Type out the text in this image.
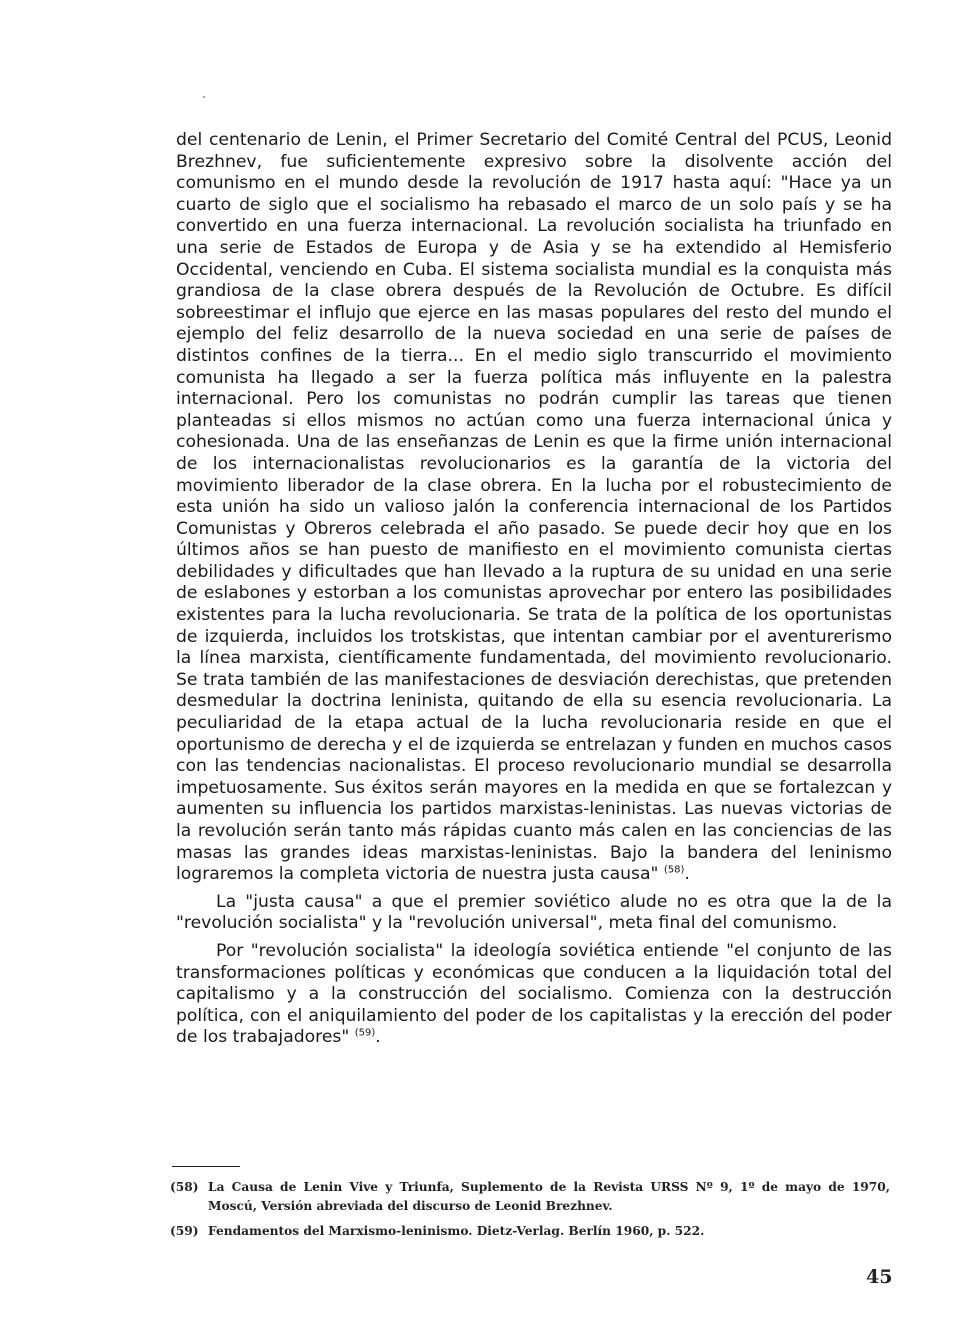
del centenario de Lenin, el Primer Secretario del Comité Central del PCUS, Leonid Brezhnev, fue suficientemente expresivo sobre la disolvente acción del comunismo en el mundo desde la revolución de 1917 hasta aquí: "Hace ya un cuarto de siglo que el socialismo ha rebasado el marco de un solo país y se ha convertido en una fuerza internacional. La revolución socialista ha triunfado en una serie de Estados de Europa y de Asia y se ha extendido al Hemisferio Occidental, venciendo en Cuba. El sistema socialista mundial es la conquista más grandiosa de la clase obrera después de la Revolución de Octubre. Es difícil sobreestimar el influjo que ejerce en las masas populares del resto del mundo el ejemplo del feliz desarrollo de la nueva sociedad en una serie de países de distintos confines de la tierra... En el medio siglo transcurrido el movimiento comunista ha llegado a ser la fuerza política más influyente en la palestra internacional. Pero los comunistas no podrán cumplir las tareas que tienen planteadas si ellos mismos no actúan como una fuerza internacional única y cohesionada. Una de las enseñanzas de Lenin es que la firme unión internacional de los internacionalistas revolucionarios es la garantía de la victoria del movimiento liberador de la clase obrera. En la lucha por el robustecimiento de esta unión ha sido un valioso jalón la conferencia internacional de los Partidos Comunistas y Obreros celebrada el año pasado. Se puede decir hoy que en los últimos años se han puesto de manifiesto en el movimiento comunista ciertas debilidades y dificultades que han llevado a la ruptura de su unidad en una serie de eslabones y estorban a los comunistas aprovechar por entero las posibilidades existentes para la lucha revolucionaria. Se trata de la política de los oportunistas de izquierda, incluidos los trotskistas, que intentan cambiar por el aventurerismo la línea marxista, científicamente fundamentada, del movimiento revolucionario. Se trata también de las manifestaciones de desviación derechistas, que pretenden desmedular la doctrina leninista, quitando de ella su esencia revolucionaria. La peculiaridad de la etapa actual de la lucha revolucionaria reside en que el oportunismo de derecha y el de izquierda se entrelazan y funden en muchos casos con las tendencias nacionalistas. El proceso revolucionario mundial se desarrolla impetuosamente. Sus éxitos serán mayores en la medida en que se fortalezcan y aumenten su influencia los partidos marxistas-leninistas. Las nuevas victorias de la revolución serán tanto más rápidas cuanto más calen en las conciencias de las masas las grandes ideas marxistas-leninistas. Bajo la bandera del leninismo lograremos la completa victoria de nuestra justa causa" $^{(58)}$.

La "justa causa" a que el premier soviético alude no es otra que la de la "revolución socialista" y la "revolución universal", meta final del comunismo.

Por "revolución socialista" la ideología soviética entiende "el conjunto de las transformaciones políticas y económicas que conducen a la liquidación total del capitalismo y a la construcción del socialismo. Comienza con la destrucción política, con el aniquilamiento del poder de los capitalistas y la erección del poder de los trabajadores" $^{(59)}$.

(58) La Causa de Lenin Vive y Triunfa, Suplemento de la Revista URSS Nº 9, 1º de mayo de 1970, Moscú, Versión abreviada del discurso de Leonid Brezhnev.
(59) Fendamentos del Marxismo-leninismo. Dietz-Verlag. Berlín 1960, p. 522.
45
